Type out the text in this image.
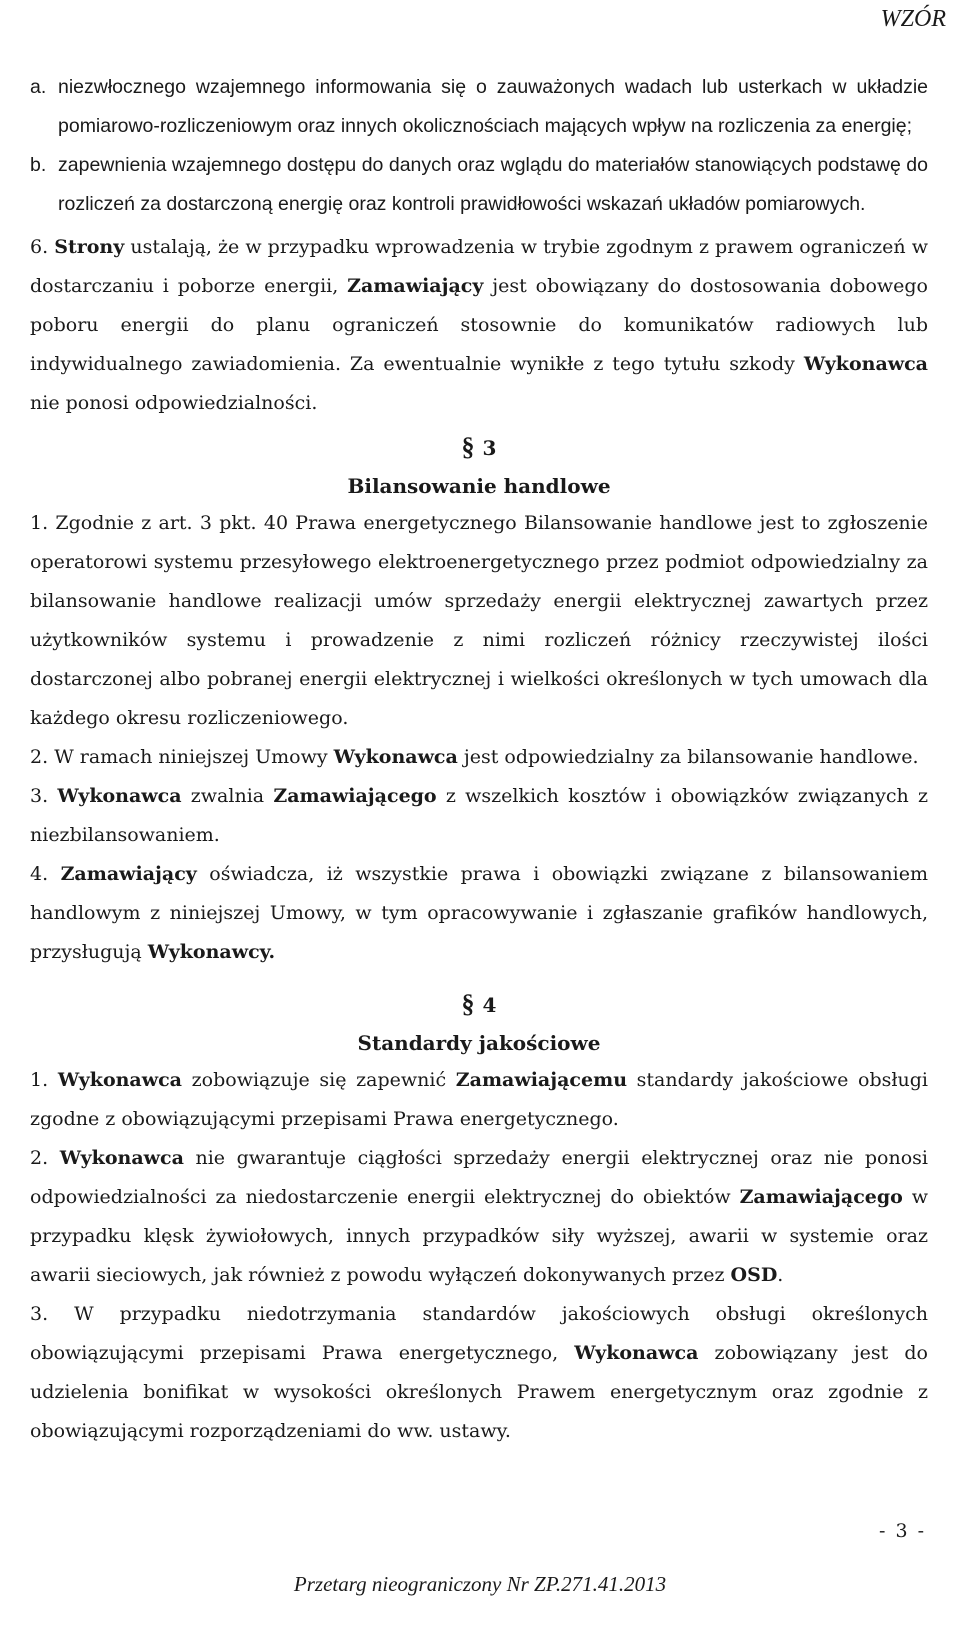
WZÓR
a. niezwłocznego wzajemnego informowania się o zauważonych wadach lub usterkach w układzie pomiarowo-rozliczeniowym oraz innych okolicznościach mających wpływ na rozliczenia za energię;
b. zapewnienia wzajemnego dostępu do danych oraz wglądu do materiałów stanowiących podstawę do rozliczeń za dostarczoną energię oraz kontroli prawidłowości wskazań układów pomiarowych.
6. Strony ustalają, że w przypadku wprowadzenia w trybie zgodnym z prawem ograniczeń w dostarczaniu i poborze energii, Zamawiający jest obowiązany do dostosowania dobowego poboru energii do planu ograniczeń stosownie do komunikatów radiowych lub indywidualnego zawiadomienia. Za ewentualnie wynikłe z tego tytułu szkody Wykonawca nie ponosi odpowiedzialności.
§ 3
Bilansowanie handlowe
1. Zgodnie z art. 3 pkt. 40 Prawa energetycznego Bilansowanie handlowe jest to zgłoszenie operatorowi systemu przesyłowego elektroenergetycznego przez podmiot odpowiedzialny za bilansowanie handlowe realizacji umów sprzedaży energii elektrycznej zawartych przez użytkowników systemu i prowadzenie z nimi rozliczeń różnicy rzeczywistej ilości dostarczonej albo pobranej energii elektrycznej i wielkości określonych w tych umowach dla każdego okresu rozliczeniowego.
2. W ramach niniejszej Umowy Wykonawca jest odpowiedzialny za bilansowanie handlowe.
3. Wykonawca zwalnia Zamawiającego z wszelkich kosztów i obowiązków związanych z niezbilansowaniem.
4. Zamawiający oświadcza, iż wszystkie prawa i obowiązki związane z bilansowaniem handlowym z niniejszej Umowy, w tym opracowywanie i zgłaszanie grafików handlowych, przysługują Wykonawcy.
§ 4
Standardy jakościowe
1. Wykonawca zobowiązuje się zapewnić Zamawiającemu standardy jakościowe obsługi zgodne z obowiązującymi przepisami Prawa energetycznego.
2. Wykonawca nie gwarantuje ciągłości sprzedaży energii elektrycznej oraz nie ponosi odpowiedzialności za niedostarczenie energii elektrycznej do obiektów Zamawiającego w przypadku klęsk żywiołowych, innych przypadków siły wyższej, awarii w systemie oraz awarii sieciowych, jak również z powodu wyłączeń dokonywanych przez OSD.
3. W przypadku niedotrzymania standardów jakościowych obsługi określonych obowiązującymi przepisami Prawa energetycznego, Wykonawca zobowiązany jest do udzielenia bonifikat w wysokości określonych Prawem energetycznym oraz zgodnie z obowiązującymi rozporządzeniami do ww. ustawy.
- 3 -
Przetarg nieograniczony Nr ZP.271.41.2013
